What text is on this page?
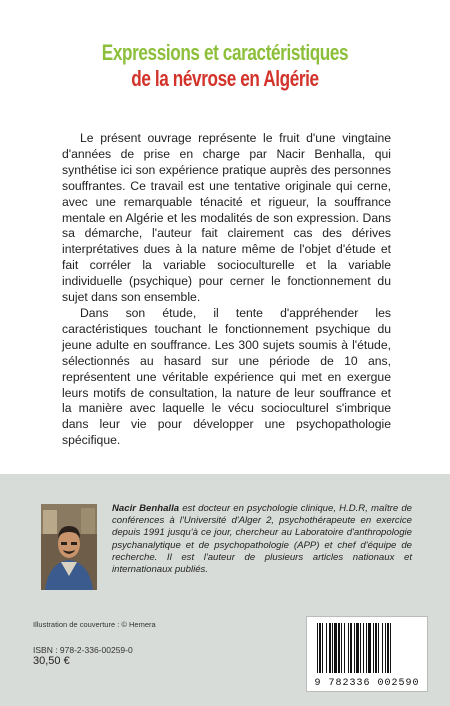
Expressions et caractéristiques
de la névrose en Algérie

Le présent ouvrage représente le fruit d'une vingtaine d'années de prise en charge par Nacir Benhalla, qui synthétise ici son expérience pratique auprès des personnes souffrantes. Ce travail est une tentative originale qui cerne, avec une remarquable ténacité et rigueur, la souffrance mentale en Algérie et les modalités de son expression. Dans sa démarche, l'auteur fait clairement cas des dérives interprétatives dues à la nature même de l'objet d'étude et fait corréler la variable socioculturelle et la variable individuelle (psychique) pour cerner le fonctionnement du sujet dans son ensemble.

Dans son étude, il tente d'appréhender les caractéristiques touchant le fonctionnement psychique du jeune adulte en souffrance. Les 300 sujets soumis à l'étude, sélectionnés au hasard sur une période de 10 ans, représentent une véritable expérience qui met en exergue leurs motifs de consultation, la nature de leur souffrance et la manière avec laquelle le vécu socioculturel s'imbrique dans leur vie pour développer une psychopathologie spécifique.

Nacir Benhalla est docteur en psychologie clinique, H.D.R, maître de conférences à l'Université d'Alger 2, psychothérapeute en exercice depuis 1991 jusqu'à ce jour, chercheur au Laboratoire d'anthropologie psychanalytique et de psychopathologie (APP) et chef d'équipe de recherche. Il est l'auteur de plusieurs articles nationaux et internationaux publiés.
Illustration de couverture : © Hemera
ISBN : 978-2-336-00259-0
30,50 €
9 782336 002590
